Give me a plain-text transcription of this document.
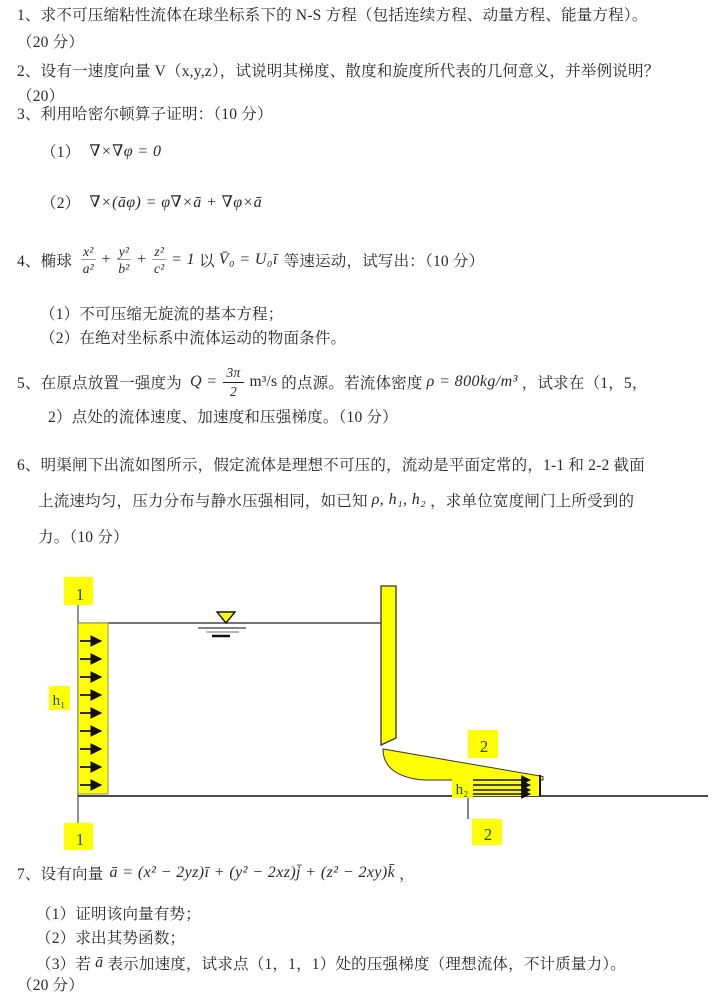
1、求不可压缩粘性流体在球坐标系下的 N-S 方程（包括连续方程、动量方程、能量方程）。
（20 分）
2、设有一速度向量 V（x,y,z），试说明其梯度、散度和旋度所代表的几何意义，并举例说明？
（20）
3、利用哈密尔顿算子证明：（10 分）
（1） ∇×∇φ = 0
（2） ∇×(āφ) = φ∇×ā + ∇φ×ā
4、椭球 $\frac{\text{x²}}{\text{a²}} + \frac{\text{y²}}{\text{b²}} + \frac{\text{z²}}{\text{c²}} = 1$ 以 V̄₀ = U₀ī 等速运动，试写出：（10 分）
（1）不可压缩无旋流的基本方程；
（2）在绝对坐标系中流体运动的物面条件。
5、在原点放置一强度为 $Q = \frac{3\pi}{2} m^3/s$ 的点源。若流体密度 ρ = 800kg/m³ ，试求在（1，5，
2）点处的流体速度、加速度和压强梯度。（10 分）
6、明渠闸下出流如图所示，假定流体是理想不可压的，流动是平面定常的，1-1 和 2-2 截面
上流速均匀，压力分布与静水压强相同，如已知 ρ, h₁, h₂ ，求单位宽度闸门上所受到的
力。（10 分）
1
1
h₁
2
h₂
2
7、设有向量 ā = (x² − 2yz)ī + (y² − 2xz)j̄ + (z² − 2xy)k̄ ，
（1）证明该向量有势；
（2）求出其势函数；
（3）若 ā 表示加速度，试求点（1，1，1）处的压强梯度（理想流体，不计质量力）。
（20 分）
